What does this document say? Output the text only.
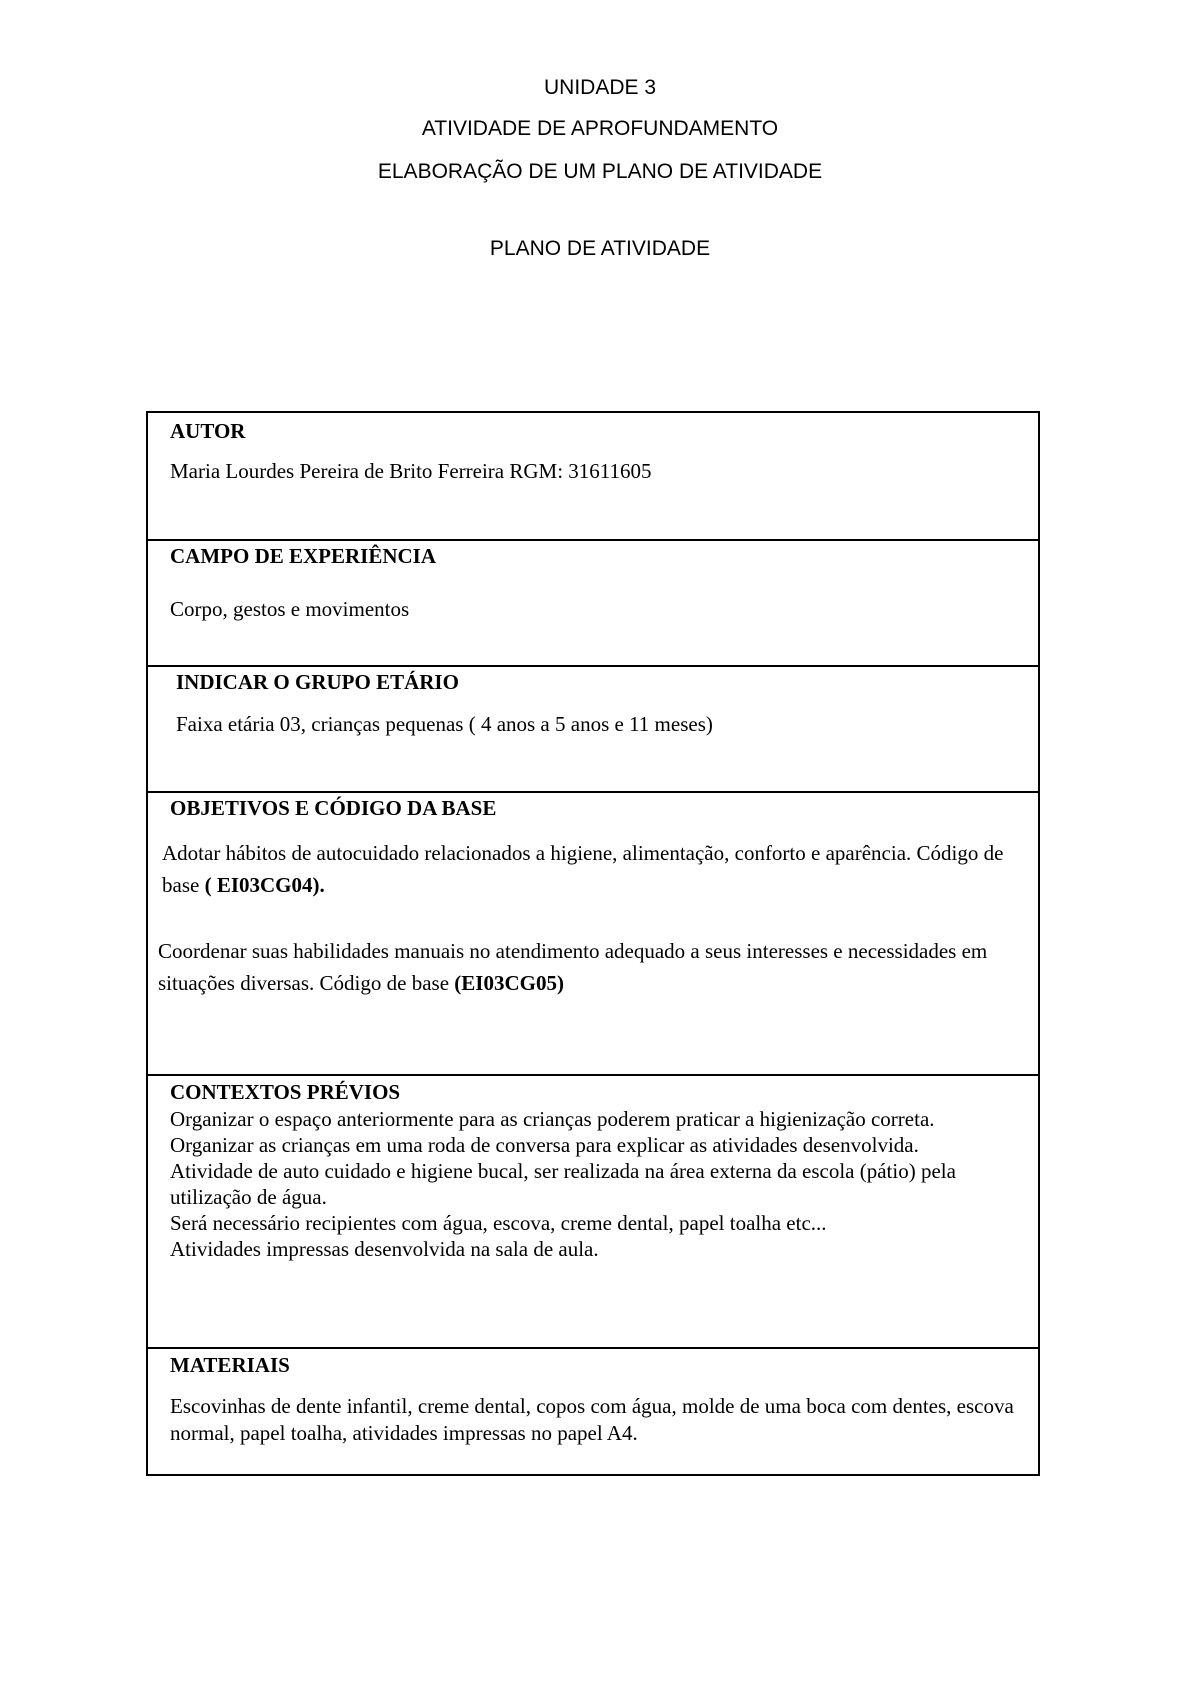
UNIDADE 3
ATIVIDADE DE APROFUNDAMENTO
ELABORAÇÃO DE UM PLANO DE ATIVIDADE
PLANO DE ATIVIDADE
AUTOR
Maria Lourdes Pereira de Brito Ferreira RGM: 31611605
CAMPO DE EXPERIÊNCIA
Corpo, gestos e movimentos
INDICAR O GRUPO ETÁRIO
Faixa etária 03, crianças pequenas ( 4 anos a 5 anos e 11 meses)
OBJETIVOS E CÓDIGO DA BASE
Adotar hábitos de autocuidado relacionados a higiene, alimentação, conforto e aparência. Código de base ( EI03CG04).
Coordenar suas habilidades manuais no atendimento adequado a seus interesses e necessidades em situações diversas. Código de base (EI03CG05)
CONTEXTOS PRÉVIOS
Organizar o espaço anteriormente para as crianças poderem praticar a higienização correta.
Organizar as crianças em uma roda de conversa para explicar as atividades desenvolvida.
Atividade de auto cuidado e higiene bucal, ser realizada na área externa da escola (pátio) pela utilização de água.
Será necessário recipientes com água, escova, creme dental, papel toalha etc...
Atividades impressas desenvolvida na sala de aula.
MATERIAIS
Escovinhas de dente infantil, creme dental, copos com água, molde de uma boca com dentes, escova normal, papel toalha, atividades impressas no papel A4.
